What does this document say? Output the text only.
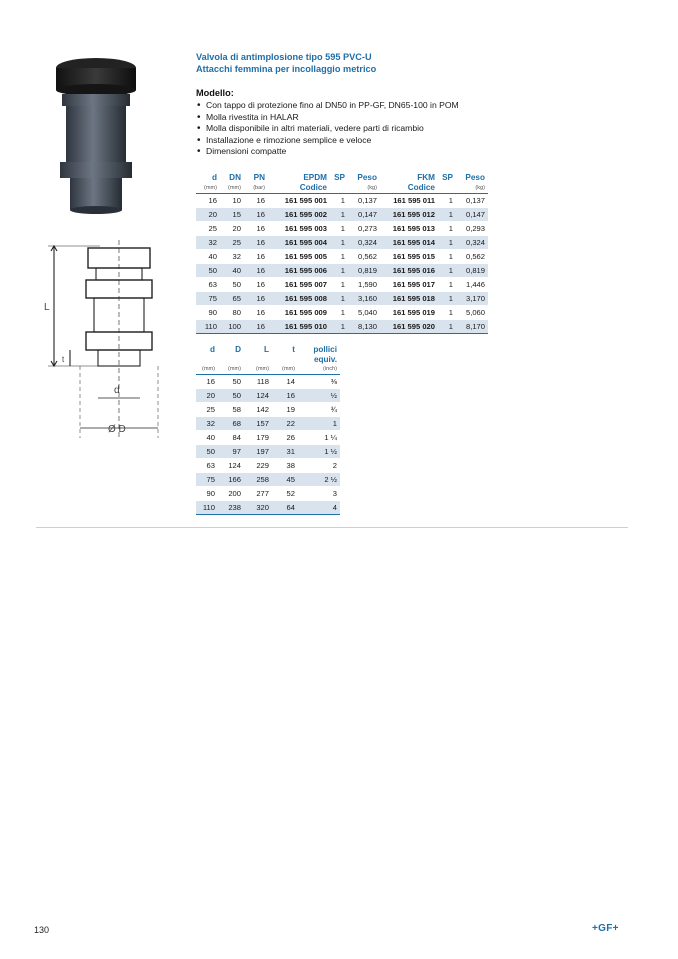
Valvola di antimplosione tipo 595 PVC-U
Attacchi femmina per incollaggio metrico
Modello:
• Con tappo di protezione fino al DN50 in PP-GF, DN65-100 in POM
• Molla rivestita in HALAR
• Molla disponibile in altri materiali, vedere parti di ricambio
• Installazione e rimozione semplice e veloce
• Dimensioni compatte
L
t
d
Ø D
d	DN	PN	EPDM	SP	Peso	FKM	SP	Peso
(mm)	(mm)	(bar)	Codice		(kg)	Codice		(kg)
16	10	16	161 595 001	1	0,137	161 595 011	1	0,137
20	15	16	161 595 002	1	0,147	161 595 012	1	0,147
25	20	16	161 595 003	1	0,273	161 595 013	1	0,293
32	25	16	161 595 004	1	0,324	161 595 014	1	0,324
40	32	16	161 595 005	1	0,562	161 595 015	1	0,562
50	40	16	161 595 006	1	0,819	161 595 016	1	0,819
63	50	16	161 595 007	1	1,590	161 595 017	1	1,446
75	65	16	161 595 008	1	3,160	161 595 018	1	3,170
90	80	16	161 595 009	1	5,040	161 595 019	1	5,060
110	100	16	161 595 010	1	8,130	161 595 020	1	8,170
d	D	L	t	pollici
				equiv.
(mm)	(mm)	(mm)	(mm)	(inch)
16	50	118	14	⅜
20	50	124	16	½
25	58	142	19	¾
32	68	157	22	1
40	84	179	26	1 ¼
50	97	197	31	1 ½
63	124	229	38	2
75	166	258	45	2 ½
90	200	277	52	3
110	238	320	64	4
130	+GF+
